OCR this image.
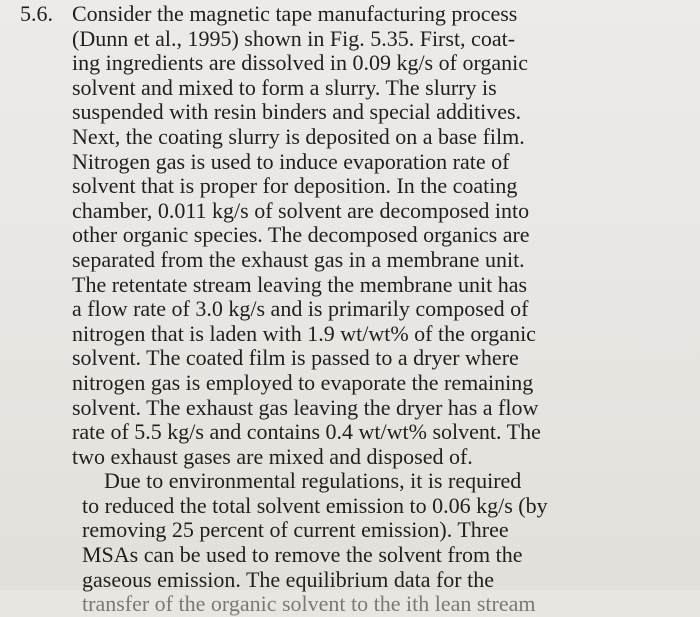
5.6. Consider the magnetic tape manufacturing process
(Dunn et al., 1995) shown in Fig. 5.35. First, coat-
ing ingredients are dissolved in 0.09 kg/s of organic
solvent and mixed to form a slurry. The slurry is
suspended with resin binders and special additives.
Next, the coating slurry is deposited on a base film.
Nitrogen gas is used to induce evaporation rate of
solvent that is proper for deposition. In the coating
chamber, 0.011 kg/s of solvent are decomposed into
other organic species. The decomposed organics are
separated from the exhaust gas in a membrane unit.
The retentate stream leaving the membrane unit has
a flow rate of 3.0 kg/s and is primarily composed of
nitrogen that is laden with 1.9 wt/wt% of the organic
solvent. The coated film is passed to a dryer where
nitrogen gas is employed to evaporate the remaining
solvent. The exhaust gas leaving the dryer has a flow
rate of 5.5 kg/s and contains 0.4 wt/wt% solvent. The
two exhaust gases are mixed and disposed of.
Due to environmental regulations, it is required
to reduced the total solvent emission to 0.06 kg/s (by
removing 25 percent of current emission). Three
MSAs can be used to remove the solvent from the
gaseous emission. The equilibrium data for the
transfer of the organic solvent to the ith lean stream
